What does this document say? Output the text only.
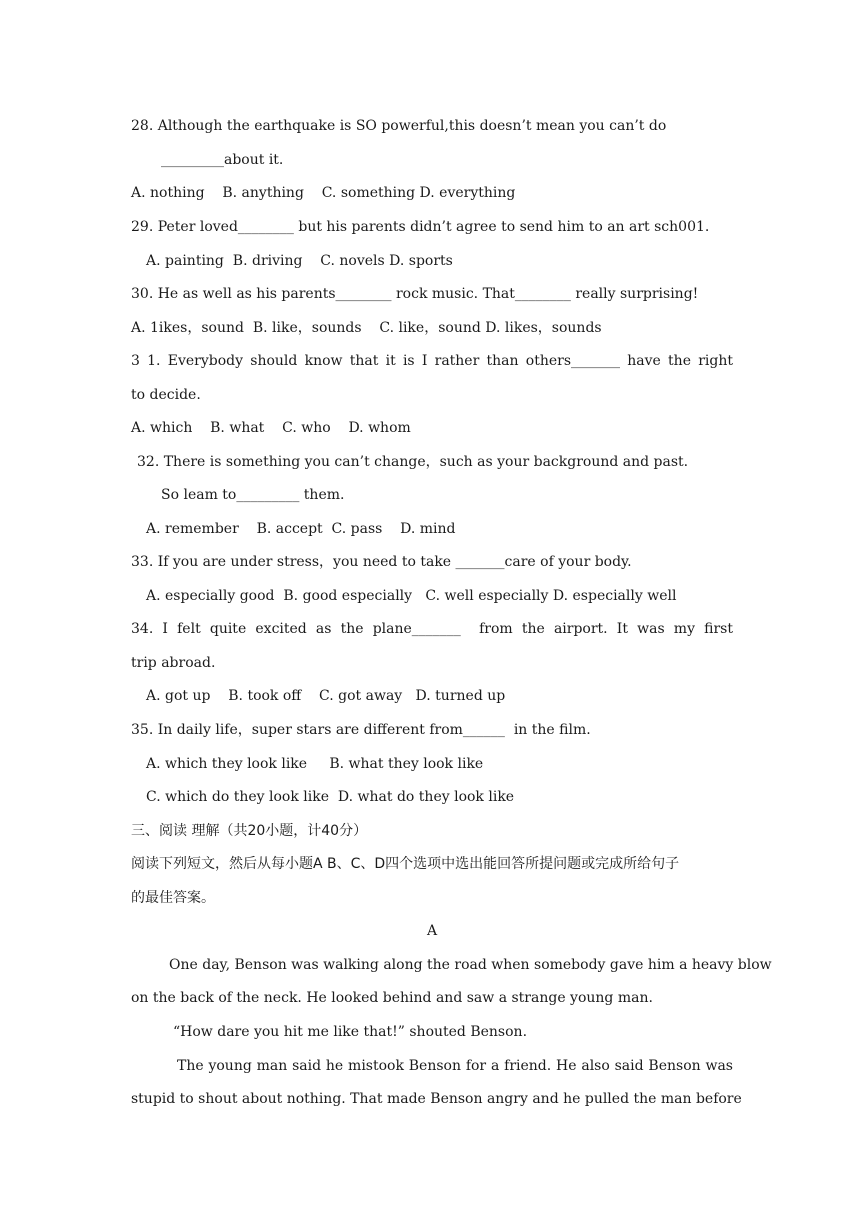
28. Although the earthquake is SO powerful,this doesn’t mean you can’t do
_________about it.
A. nothing    B. anything    C. something D. everything
29. Peter loved________ but his parents didn’t agree to send him to an art sch001.
A. painting  B. driving    C. novels D. sports
30. He as well as his parents________ rock music. That________ really surprising!
A. 1ikes，sound  B. like，sounds    C. like，sound D. likes，sounds
3 1. Everybody should know that it is I rather than others_______ have the right
to decide.
A. which    B. what    C. who    D. whom
32. There is something you can’t change，such as your background and past.
So leam to_________ them.
A. remember    B. accept  C. pass    D. mind
33. If you are under stress，you need to take _______care of your body.
A. especially good  B. good especially   C. well especially D. especially well
34. I felt quite excited as the plane_______  from the airport. It was my first
trip abroad.
A. got up    B. took off    C. got away   D. turned up
35. In daily life，super stars are different from______  in the film.
A. which they look like     B. what they look like
C. which do they look like  D. what do they look like
三、阅读 理解（共20小题，计40分）
阅读下列短文，然后从每小题A B、C、D四个选项中选出能回答所提问题或完成所给句子
的最佳答案。
A
One day, Benson was walking along the road when somebody gave him a heavy blow
on the back of the neck. He looked behind and saw a strange young man.
“How dare you hit me like that!” shouted Benson.
The young man said he mistook Benson for a friend. He also said Benson was
stupid to shout about nothing. That made Benson angry and he pulled the man before
